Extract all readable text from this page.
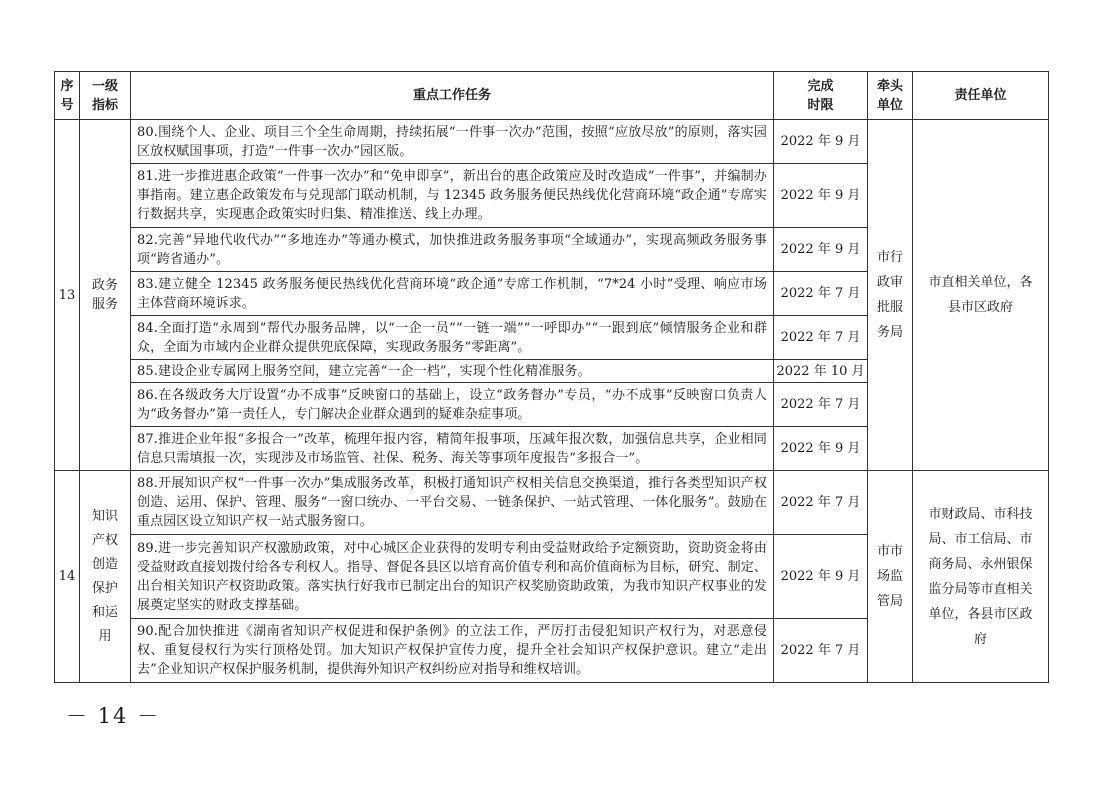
序号	一级指标	重点工作任务	完成时限	牵头单位	责任单位
13	政务服务	80.围绕个人、企业、项目三个全生命周期，持续拓展“一件事一次办”范围，按照“应放尽放”的原则，落实园区放权赋国事项，打造“一件事一次办”园区版。	2022 年 9 月	市行政审批服务局	市直相关单位，各县市区政府
		81.进一步推进惠企政策“一件事一次办”和“免申即享”，新出台的惠企政策应及时改造成“一件事”，并编制办事指南。建立惠企政策发布与兑现部门联动机制，与 12345 政务服务便民热线优化营商环境“政企通”专席实行数据共享，实现惠企政策实时归集、精准推送、线上办理。	2022 年 9 月		
		82.完善“异地代收代办”“多地连办”等通办模式，加快推进政务服务事项“全域通办”，实现高频政务服务事项“跨省通办”。	2022 年 9 月		
		83.建立健全 12345 政务服务便民热线优化营商环境“政企通”专席工作机制，“7*24 小时”受理、响应市场主体营商环境诉求。	2022 年 7 月		
		84.全面打造“永周到”帮代办服务品牌，以“一企一员”“一链一端”“一呼即办”“一跟到底”倾情服务企业和群众，全面为市域内企业群众提供兜底保障，实现政务服务“零距离”。	2022 年 7 月		
		85.建设企业专属网上服务空间，建立完善“一企一档”，实现个性化精准服务。	2022 年 10 月		
		86.在各级政务大厅设置“办不成事”反映窗口的基础上，设立“政务督办”专员，“办不成事”反映窗口负责人为“政务督办”第一责任人，专门解决企业群众遇到的疑难杂症事项。	2022 年 7 月		
		87.推进企业年报“多报合一”改革，梳理年报内容，精简年报事项，压减年报次数，加强信息共享，企业相同信息只需填报一次，实现涉及市场监管、社保、税务、海关等事项年度报告“多报合一”。	2022 年 9 月		
14	知识产权创造保护和运用	88.开展知识产权“一件事一次办”集成服务改革，积极打通知识产权相关信息交换渠道，推行各类型知识产权创造、运用、保护、管理、服务“一窗口统办、一平台交易、一链条保护、一站式管理、一体化服务”。鼓励在重点园区设立知识产权一站式服务窗口。	2022 年 7 月	市市场监管局	市财政局、市科技局、市工信局、市商务局、永州银保监分局等市直相关单位，各县市区政府
		89.进一步完善知识产权激励政策，对中心城区企业获得的发明专利由受益财政给予定额资助，资助资金将由受益财政直接划拨付给各专利权人。指导、督促各县区以培育高价值专利和高价值商标为目标，研究、制定、出台相关知识产权资助政策。落实执行好我市已制定出台的知识产权奖励资助政策，为我市知识产权事业的发展奠定坚实的财政支撑基础。	2022 年 9 月		
		90.配合加快推进《湖南省知识产权促进和保护条例》的立法工作，严厉打击侵犯知识产权行为，对恶意侵权、重复侵权行为实行顶格处罚。加大知识产权保护宣传力度，提升全社会知识产权保护意识。建立“走出去”企业知识产权保护服务机制，提供海外知识产权纠纷应对指导和维权培训。	2022 年 7 月		
－ 14 －
